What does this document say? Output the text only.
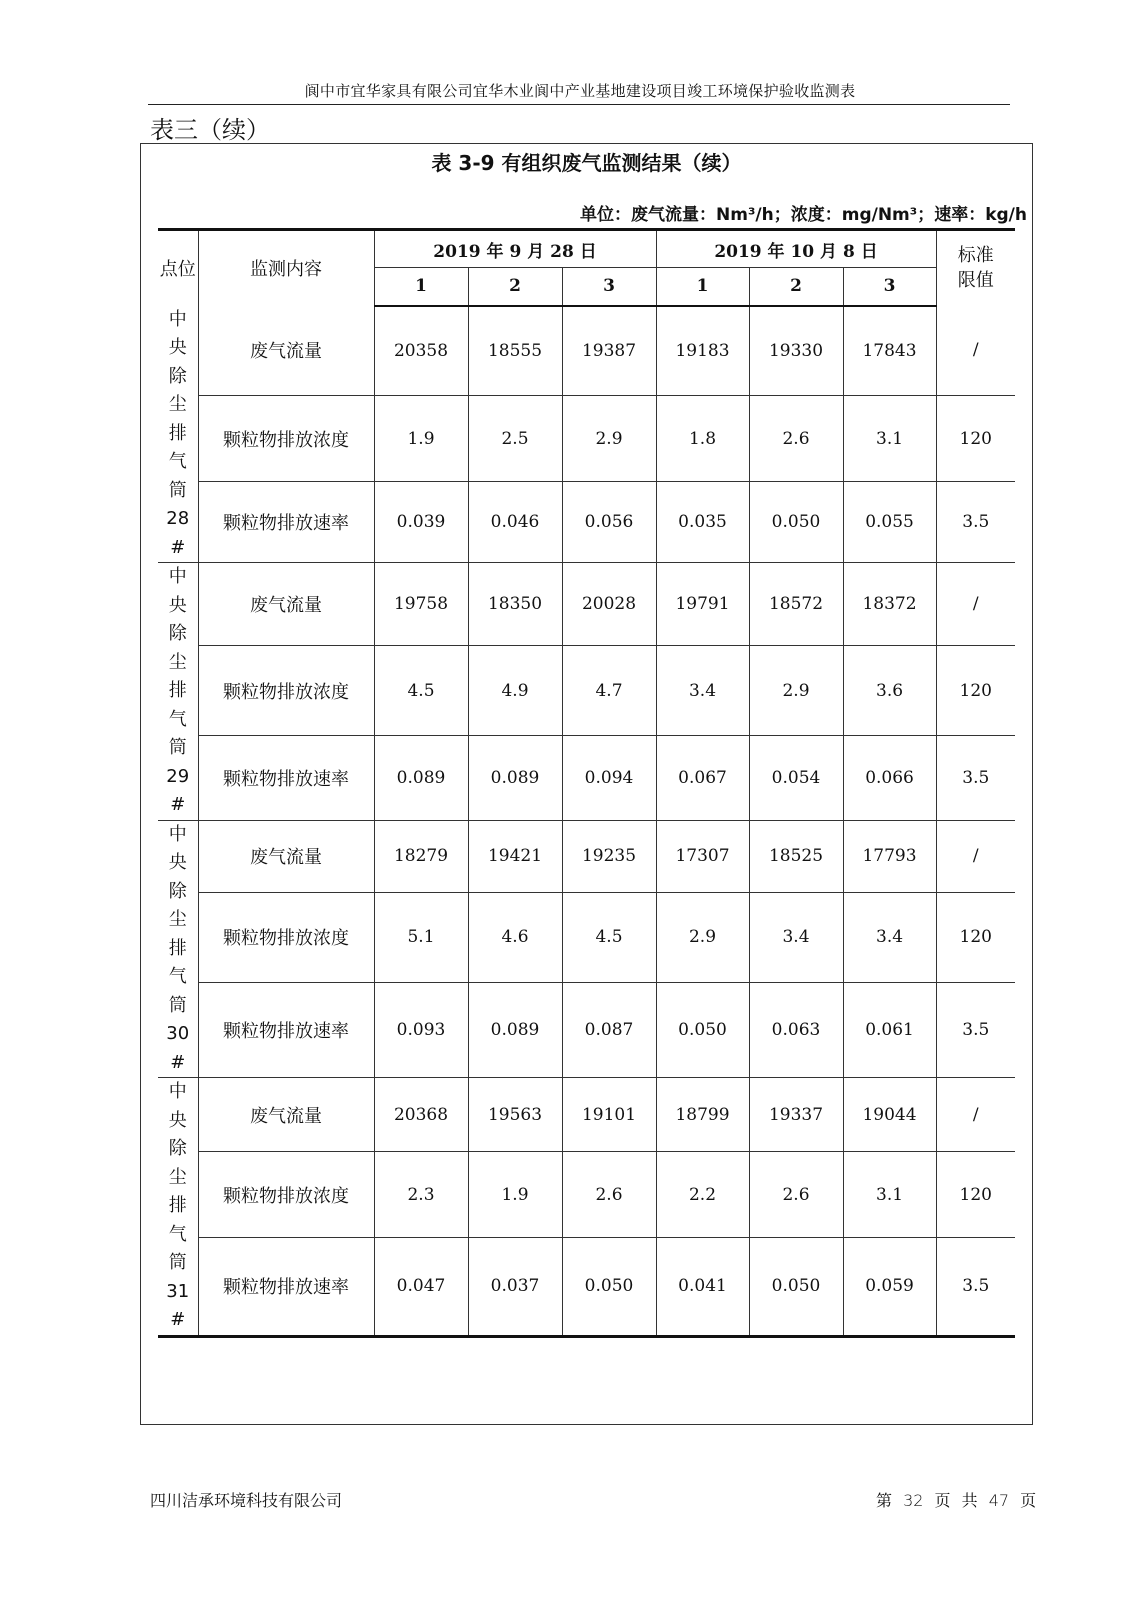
阆中市宜华家具有限公司宜华木业阆中产业基地建设项目竣工环境保护验收监测表
表三（续）
表 3-9 有组织废气监测结果（续）
单位：废气流量：Nm³/h；浓度：mg/Nm³；速率：kg/h
点位	监测内容	2019 年 9 月 28 日			2019 年 10 月 8 日			标准限值

		1	2	3	1	2	3	

中央除尘排气筒28#	废气流量	20358	18555	19387	19183	19330	17843	/
	颗粒物排放浓度	1.9	2.5	2.9	1.8	2.6	3.1	120
	颗粒物排放速率	0.039	0.046	0.056	0.035	0.050	0.055	3.5

中央除尘排气筒29#	废气流量	19758	18350	20028	19791	18572	18372	/
	颗粒物排放浓度	4.5	4.9	4.7	3.4	2.9	3.6	120
	颗粒物排放速率	0.089	0.089	0.094	0.067	0.054	0.066	3.5

中央除尘排气筒30#	废气流量	18279	19421	19235	17307	18525	17793	/
	颗粒物排放浓度	5.1	4.6	4.5	2.9	3.4	3.4	120
	颗粒物排放速率	0.093	0.089	0.087	0.050	0.063	0.061	3.5

中央除尘排气筒31#	废气流量	20368	19563	19101	18799	19337	19044	/
	颗粒物排放浓度	2.3	1.9	2.6	2.2	2.6	3.1	120
	颗粒物排放速率	0.047	0.037	0.050	0.041	0.050	0.059	3.5
四川洁承环境科技有限公司	第 32 页 共 47 页
